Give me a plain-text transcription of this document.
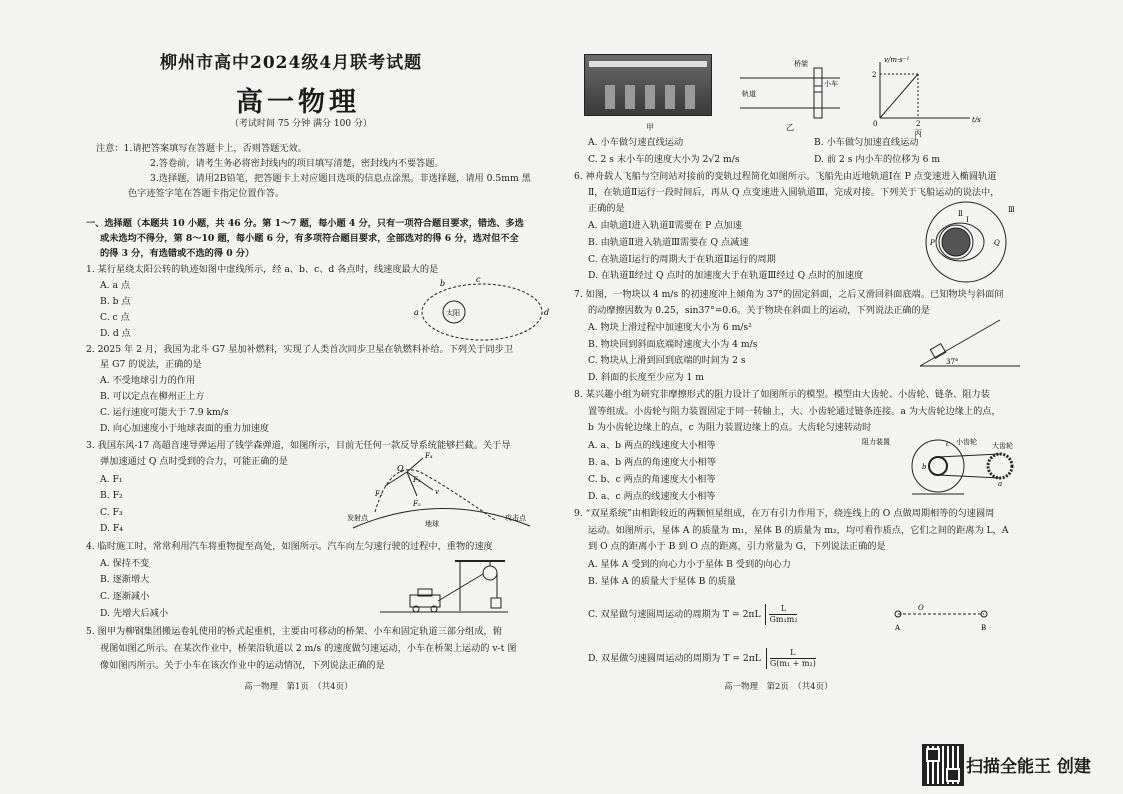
柳州市高中2024级4月联考试题
高一物理
（考试时间 75 分钟 满分 100 分）
注意：1.请把答案填写在答题卡上，否则答题无效。
2.答卷前，请考生务必将密封线内的项目填写清楚，密封线内不要答题。
3.选择题，请用2B铅笔，把答题卡上对应题目选项的信息点涂黑。非选择题，请用 0.5mm 黑
色字迹签字笔在答题卡指定位置作答。
一、选择题（本题共 10 小题，共 46 分。第 1～7 题，每小题 4 分，只有一项符合题目要求，错选、多选
或未选均不得分，第 8～10 题，每小题 6 分，有多项符合题目要求，全部选对的得 6 分，选对但不全
的得 3 分，有选错或不选的得 0 分）
1. 某行星绕太阳公转的轨迹如图中虚线所示，经 a、b、c、d 各点时，线速度最大的是
A. a 点
B. b 点
C. c 点
D. d 点
太阳
a
b	c
d
2. 2025 年 2 月，我国为北斗 G7 星加补燃料，实现了人类首次同步卫星在轨燃料补给。下列关于同步卫
星 G7 的说法，正确的是
A. 不受地球引力的作用
B. 可以定点在柳州正上方
C. 运行速度可能大于 7.9 km/s
D. 向心加速度小于地球表面的重力加速度
3. 我国东风-17 高超音速导弹运用了钱学森弹道，如图所示，目前无任何一款反导系统能够拦截。关于导
弹加速通过 Q 点时受到的合力，可能正确的是
A. F₁
B. F₂
C. F₃
D. F₄
Q
F₄
F₁
F₂
F₃
v
发射点
地球
攻击点
4. 临时施工时，常常利用汽车将重物提至高处，如图所示。汽车向左匀速行驶的过程中，重物的速度
A. 保持不变
B. 逐渐增大
C. 逐渐减小
D. 先增大后减小
5. 图甲为柳钢集团搬运卷轧使用的桥式起重机，主要由可移动的桥架、小车和固定轨道三部分组成，俯
视图如图乙所示。在某次作业中，桥架沿轨道以 2 m/s 的速度做匀速运动，小车在桥架上运动的 v-t 图
像如图丙所示。关于小车在该次作业中的运动情况，下列说法正确的是
高一物理　第1页　（共4页）
甲
桥架
小车
轨道
乙
v/m·s⁻¹
t/s
2
2
0
丙
A. 小车做匀速直线运动	B. 小车做匀加速直线运动
C. 2 s 末小车的速度大小为 2√2 m/s	D. 前 2 s 内小车的位移为 6 m
6. 神舟载人飞船与空间站对接前的变轨过程简化如图所示。飞船先由近地轨道Ⅰ在 P 点变速进入椭圆轨道
Ⅱ，在轨道Ⅱ运行一段时间后，再从 Q 点变速进入圆轨道Ⅲ，完成对接。下列关于飞船运动的说法中，
正确的是
A. 由轨道Ⅰ进入轨道Ⅱ需要在 P 点加速
B. 由轨道Ⅱ进入轨道Ⅲ需要在 Q 点减速
C. 在轨道Ⅰ运行的周期大于在轨道Ⅱ运行的周期
D. 在轨道Ⅱ经过 Q 点时的加速度大于在轨道Ⅲ经过 Q 点时的加速度
P	Q
Ⅰ
Ⅱ	Ⅲ
7. 如图，一物块以 4 m/s 的初速度冲上倾角为 37°的固定斜面，之后又滑回斜面底端。已知物块与斜面间
的动摩擦因数为 0.25，sin37°=0.6。关于物块在斜面上的运动，下列说法正确的是
A. 物块上滑过程中加速度大小为 6 m/s²
B. 物块回到斜面底端时速度大小为 4 m/s
C. 物块从上滑到回到底端的时间为 2 s
D. 斜面的长度至少应为 1 m
37°
8. 某兴趣小组为研究非摩擦形式的阻力设计了如图所示的模型。模型由大齿轮、小齿轮、链条、阻力装
置等组成。小齿轮与阻力装置固定于同一转轴上，大、小齿轮通过链条连接。a 为大齿轮边缘上的点，
b 为小齿轮边缘上的点，c 为阻力装置边缘上的点。大齿轮匀速转动时
A. a、b 两点的线速度大小相等
B. a、b 两点的角速度大小相等
C. b、c 两点的角速度大小相等
D. a、c 两点的线速度大小相等
阻力装置	小齿轮 大齿轮
c
b
a
9. “双星系统”由相距较近的两颗恒星组成，在万有引力作用下，绕连线上的 O 点做周期相等的匀速圆周
运动。如图所示，星体 A 的质量为 m₁，星体 B 的质量为 m₂，均可看作质点，它们之间的距离为 L，A
到 O 点的距离小于 B 到 O 点的距离，引力常量为 G，下列说法正确的是
A. 星体 A 受到的向心力小于星体 B 受到的向心力
B. 星体 A 的质量大于星体 B 的质量
C. 双星做匀速圆周运动的周期为 $T = 2\pi L \frac{L}{\text{Gm₁m₂}}$
D. 双星做匀速圆周运动的周期为 $T = 2\pi L \frac{L}{\text{G(m₁ + m₂)}}$
O
A	B
高一物理　第2页　（共4页）
扫描全能王 创建
